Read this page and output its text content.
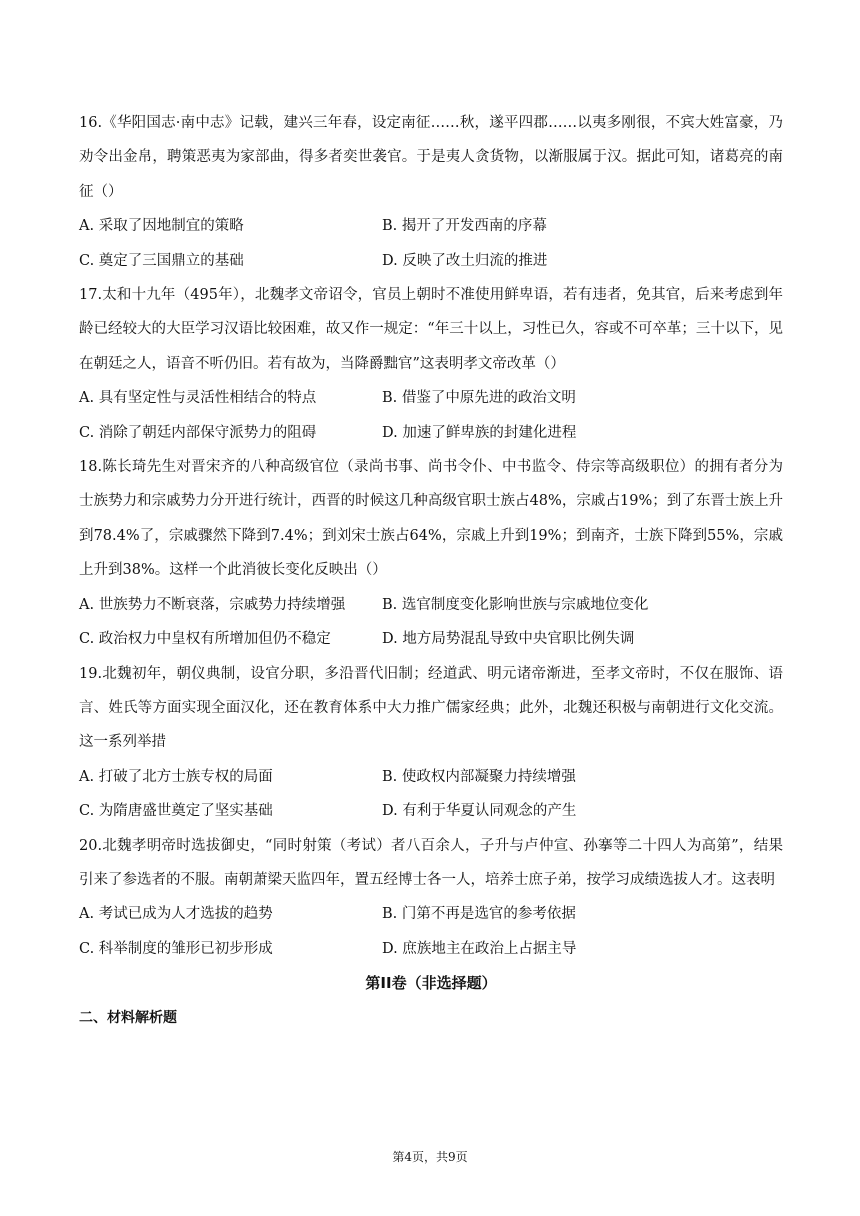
16.《华阳国志·南中志》记载，建兴三年春，设定南征……秋，遂平四郡……以夷多刚很，不宾大姓富豪，乃劝令出金帛，聘策恶夷为家部曲，得多者奕世袭官。于是夷人贪货物，以渐服属于汉。据此可知，诸葛亮的南征（）

A. 采取了因地制宜的策略	B. 揭开了开发西南的序幕
C. 奠定了三国鼎立的基础	D. 反映了改土归流的推进

17.太和十九年（495年），北魏孝文帝诏令，官员上朝时不准使用鲜卑语，若有违者，免其官，后来考虑到年龄已经较大的大臣学习汉语比较困难，故又作一规定：“年三十以上，习性已久，容或不可卒革；三十以下，见在朝廷之人，语音不听仍旧。若有故为，当降爵黜官”这表明孝文帝改革（）

A. 具有坚定性与灵活性相结合的特点	B. 借鉴了中原先进的政治文明
C. 消除了朝廷内部保守派势力的阻碍	D. 加速了鲜卑族的封建化进程

18.陈长琦先生对晋宋齐的八种高级官位（录尚书事、尚书令仆、中书监令、侍宗等高级职位）的拥有者分为士族势力和宗戚势力分开进行统计，西晋的时候这几种高级官职士族占48%，宗戚占19%；到了东晋士族上升到78.4%了，宗戚骤然下降到7.4%；到刘宋士族占64%，宗戚上升到19%；到南齐，士族下降到55%，宗戚上升到38%。这样一个此消彼长变化反映出（）

A. 世族势力不断衰落，宗戚势力持续增强	B. 选官制度变化影响世族与宗戚地位变化
C. 政治权力中皇权有所增加但仍不稳定	D. 地方局势混乱导致中央官职比例失调

19.北魏初年，朝仪典制，设官分职，多沿晋代旧制；经道武、明元诸帝渐进，至孝文帝时，不仅在服饰、语言、姓氏等方面实现全面汉化，还在教育体系中大力推广儒家经典；此外，北魏还积极与南朝进行文化交流。这一系列举措

A. 打破了北方士族专权的局面	B. 使政权内部凝聚力持续增强
C. 为隋唐盛世奠定了坚实基础	D. 有利于华夏认同观念的产生

20.北魏孝明帝时选拔御史，“同时射策（考试）者八百余人，子升与卢仲宣、孙搴等二十四人为高第”，结果引来了参选者的不服。南朝萧梁天监四年，置五经博士各一人，培养士庶子弟，按学习成绩选拔人才。这表明

A. 考试已成为人才选拔的趋势	B. 门第不再是选官的参考依据
C. 科举制度的雏形已初步形成	D. 庶族地主在政治上占据主导

第II卷（非选择题）

二、材料解析题

第4页，共9页
